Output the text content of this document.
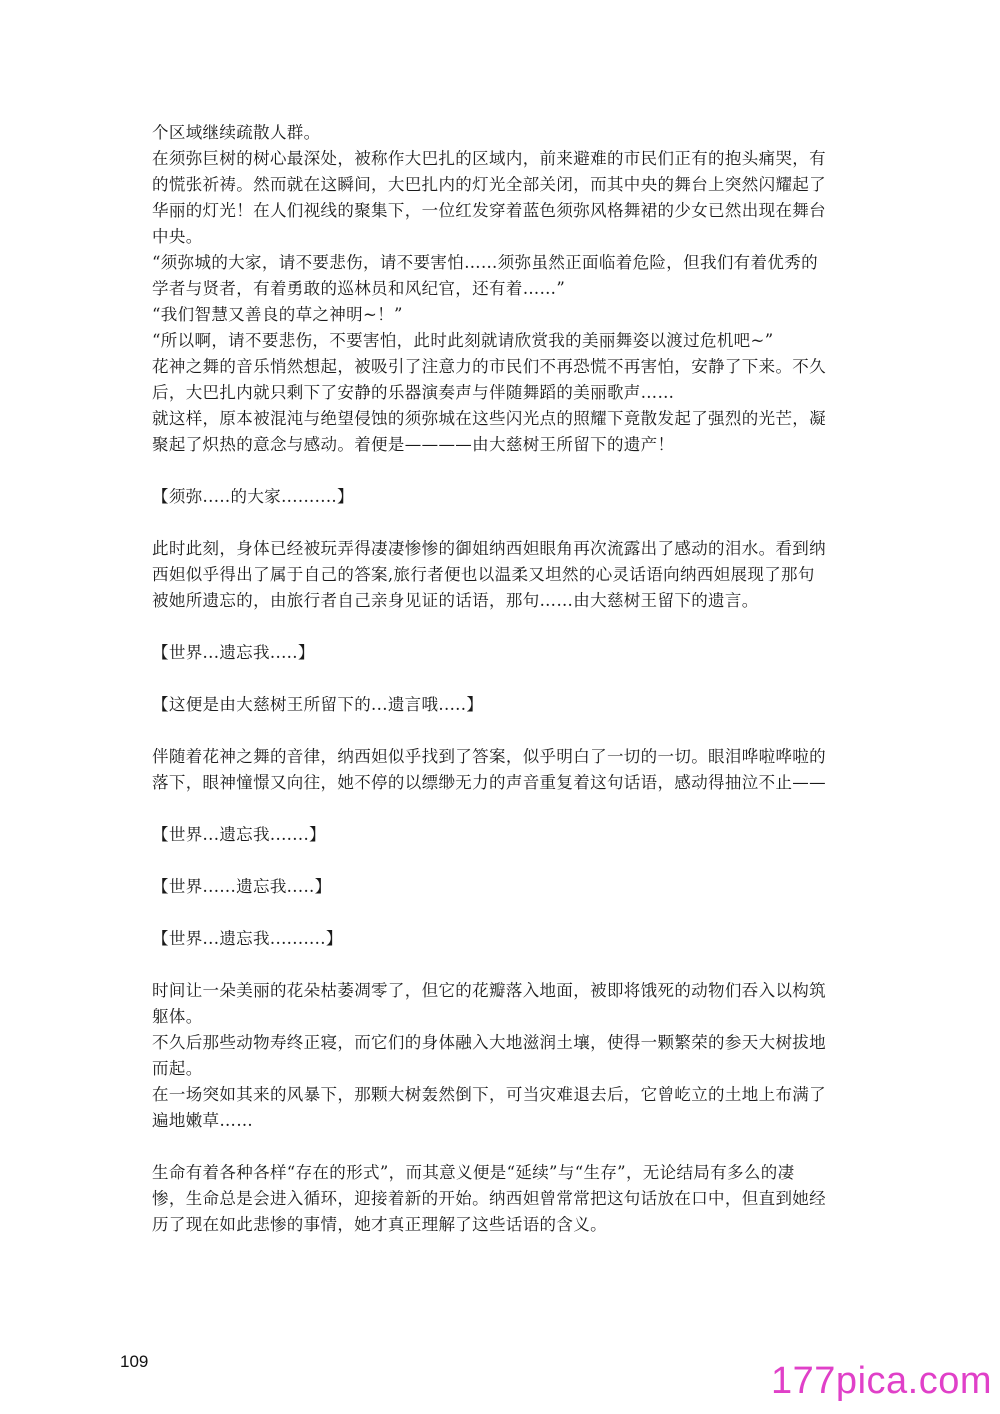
个区域继续疏散人群。
在须弥巨树的树心最深处，被称作大巴扎的区域内，前来避难的市民们正有的抱头痛哭，有
的慌张祈祷。然而就在这瞬间，大巴扎内的灯光全部关闭，而其中央的舞台上突然闪耀起了
华丽的灯光！在人们视线的聚集下，一位红发穿着蓝色须弥风格舞裙的少女已然出现在舞台
中央。
“须弥城的大家，请不要悲伤，请不要害怕……须弥虽然正面临着危险，但我们有着优秀的
学者与贤者，有着勇敢的巡林员和风纪官，还有着……”
“我们智慧又善良的草之神明~！”
“所以啊，请不要悲伤，不要害怕，此时此刻就请欣赏我的美丽舞姿以渡过危机吧~”
花神之舞的音乐悄然想起，被吸引了注意力的市民们不再恐慌不再害怕，安静了下来。不久
后，大巴扎内就只剩下了安静的乐器演奏声与伴随舞蹈的美丽歌声……
就这样，原本被混沌与绝望侵蚀的须弥城在这些闪光点的照耀下竟散发起了强烈的光芒，凝
聚起了炽热的意念与感动。着便是————由大慈树王所留下的遗产！
【须弥.....的大家..........】
此时此刻，身体已经被玩弄得凄凄惨惨的御姐纳西妲眼角再次流露出了感动的泪水。看到纳
西妲似乎得出了属于自己的答案,旅行者便也以温柔又坦然的心灵话语向纳西妲展现了那句
被她所遗忘的，由旅行者自己亲身见证的话语，那句……由大慈树王留下的遗言。
【世界...遗忘我.....】
【这便是由大慈树王所留下的...遗言哦.....】
伴随着花神之舞的音律，纳西妲似乎找到了答案，似乎明白了一切的一切。眼泪哗啦哗啦的
落下，眼神憧憬又向往，她不停的以缥缈无力的声音重复着这句话语，感动得抽泣不止——
【世界...遗忘我.......】
【世界......遗忘我.....】
【世界...遗忘我..........】
时间让一朵美丽的花朵枯萎凋零了，但它的花瓣落入地面，被即将饿死的动物们吞入以构筑
躯体。
不久后那些动物寿终正寝，而它们的身体融入大地滋润土壤，使得一颗繁荣的参天大树拔地
而起。
在一场突如其来的风暴下，那颗大树轰然倒下，可当灾难退去后，它曾屹立的土地上布满了
遍地嫩草……
生命有着各种各样“存在的形式”，而其意义便是“延续”与“生存”，无论结局有多么的凄
惨，生命总是会进入循环，迎接着新的开始。纳西妲曾常常把这句话放在口中，但直到她经
历了现在如此悲惨的事情，她才真正理解了这些话语的含义。
109	177pica.com
